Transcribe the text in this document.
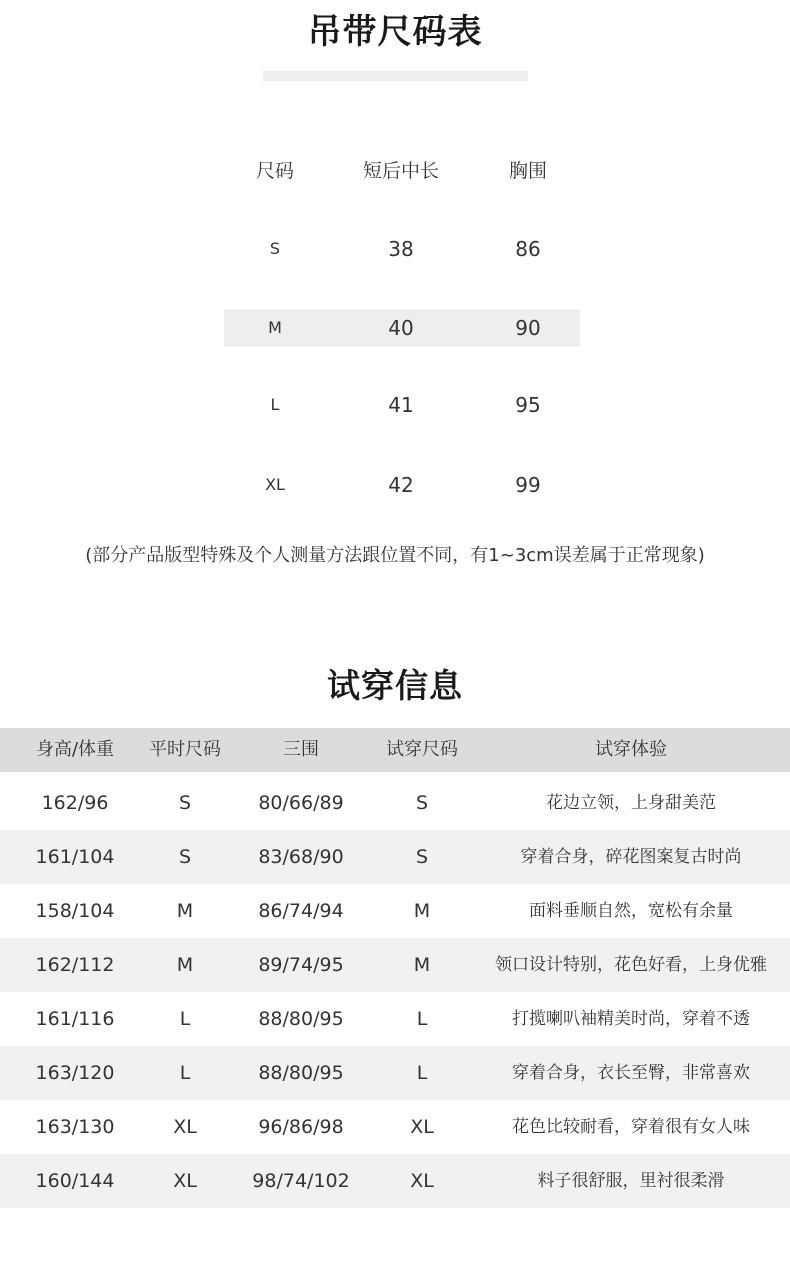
吊带尺码表
尺码	短后中长	胸围
S	38	86
M	40	90
L	41	95
XL	42	99
(部分产品版型特殊及个人测量方法跟位置不同，有1~3cm误差属于正常现象)
试穿信息
身高/体重	平时尺码	三围	试穿尺码	试穿体验
162/96	S	80/66/89	S	花边立领，上身甜美范
161/104	S	83/68/90	S	穿着合身，碎花图案复古时尚
158/104	M	86/74/94	M	面料垂顺自然，宽松有余量
162/112	M	89/74/95	M	领口设计特别，花色好看，上身优雅
161/116	L	88/80/95	L	打揽喇叭袖精美时尚，穿着不透
163/120	L	88/80/95	L	穿着合身，衣长至臀，非常喜欢
163/130	XL	96/86/98	XL	花色比较耐看，穿着很有女人味
160/144	XL	98/74/102	XL	料子很舒服，里衬很柔滑
